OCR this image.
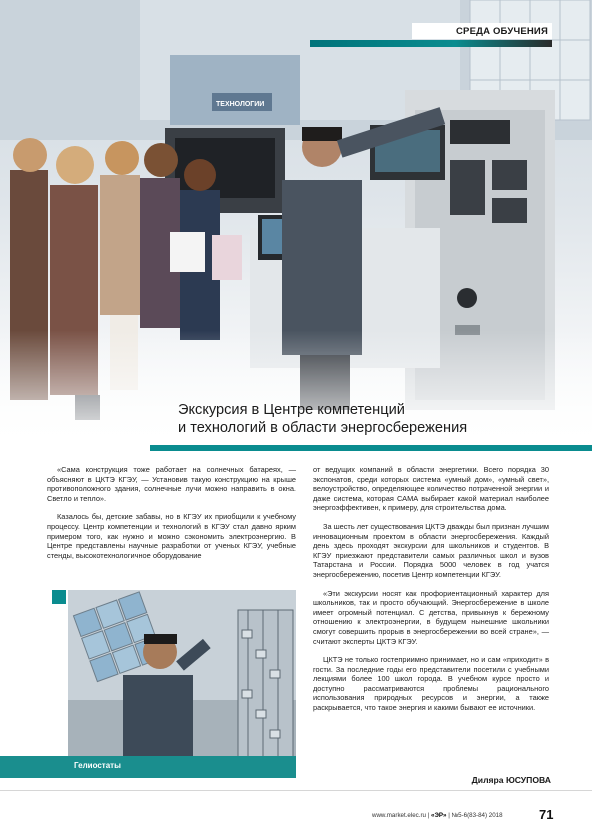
ТЕХНОЛОГИИ
СРЕДА ОБУЧЕНИЯ
Экскурсия в Центре компетенций
и технологий в области энергосбережения

«Сама конструкция тоже работает на солнечных батареях, — объясняют в ЦКТЭ КГЭУ, — Установив такую конструкцию на крыше противоположного здания, солнечные лучи можно направить в окна. Светло и тепло».

Казалось бы, детские забавы, но в КГЭУ их приобщили к учебному процессу. Центр компетенции и технологий в КГЭУ стал давно ярким примером того, как нужно и можно сэкономить электроэнергию. В Центре представлены научные разработки от ученых КГЭУ, учебные стенды, высокотехнологичное оборудование

от ведущих компаний в области энергетики. Всего порядка 30 экспонатов, среди которых система «умный дом», «умный свет», велоустройство, определяющее количество потраченной энергии и даже система, которая САМА выбирает какой материал наиболее энергоэффективен, к примеру, для строительства дома.

За шесть лет существования ЦКТЭ дважды был признан лучшим инновационным проектом в области энергосбережения. Каждый день здесь проходят экскурсии для школьников и студентов. В КГЭУ приезжают представители самых различных школ и вузов Татарстана и России. Порядка 5000 человек в год учатся энергосбережению, посетив Центр компетенции КГЭУ.

«Эти экскурсии носят как профориентационный характер для школьников, так и просто обучающий. Энергосбережение в школе имеет огромный потенциал. С детства, привыкнув к бережному отношению к электроэнергии, в будущем нынешние школьники смогут совершить прорыв в энергосбережении во всей стране», — считают эксперты ЦКТЭ КГЭУ.

ЦКТЭ не только гостеприимно принимает, но и сам «приходит» в гости. За последние годы его представители посетили с учебными лекциями более 100 школ города. В учебном курсе просто и доступно рассматриваются проблемы рационального использования природных ресурсов и энергии, а также раскрывается, что такое энергия и какими бывают ее источники.

Гелиостаты
Диляра ЮСУПОВА
www.market.elec.ru | «ЭР» | №5-6(83-84) 2018	71
